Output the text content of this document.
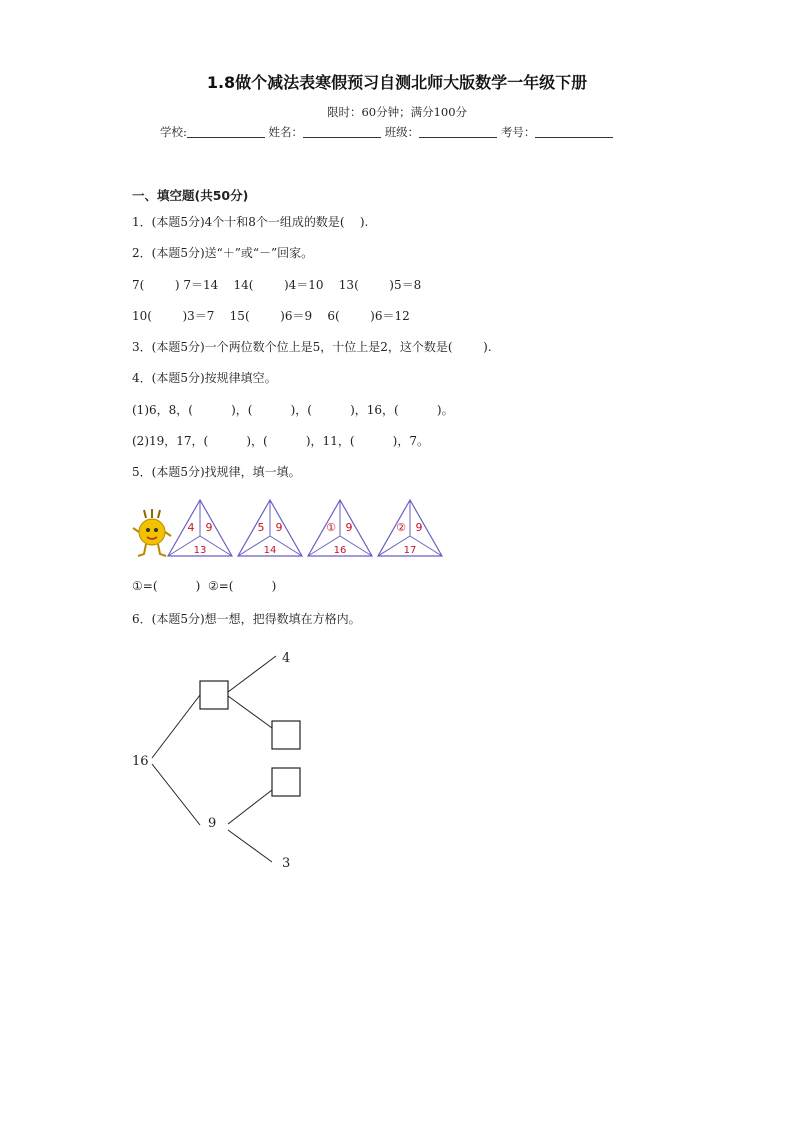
1.8做个减法表寒假预习自测北师大版数学一年级下册
限时：60分钟；满分100分
学校:	姓名：	班级：	考号：
一、填空题(共50分)
1．(本题5分)4个十和8个一组成的数是(    ).
2．(本题5分)送“＋”或“－”回家。
7(        ) 7＝14    14(        )4＝10    13(        )5＝8
10(        )3＝7    15(        )6＝9    6(        )6＝12
3．(本题5分)一个两位数个位上是5，十位上是2，这个数是(        ).
4．(本题5分)按规律填空。
(1)6，8，(          )，(          )，(          )，16，(          )。
(2)19，17，(          )，(          )，11，(          )，7。
5．(本题5分)找规律，填一填。
4 9
13
5 9
14
① 9
16
② 9
17
①=(          )  ②=(          )
6．(本题5分)想一想，把得数填在方格内。
16
4
9
3
